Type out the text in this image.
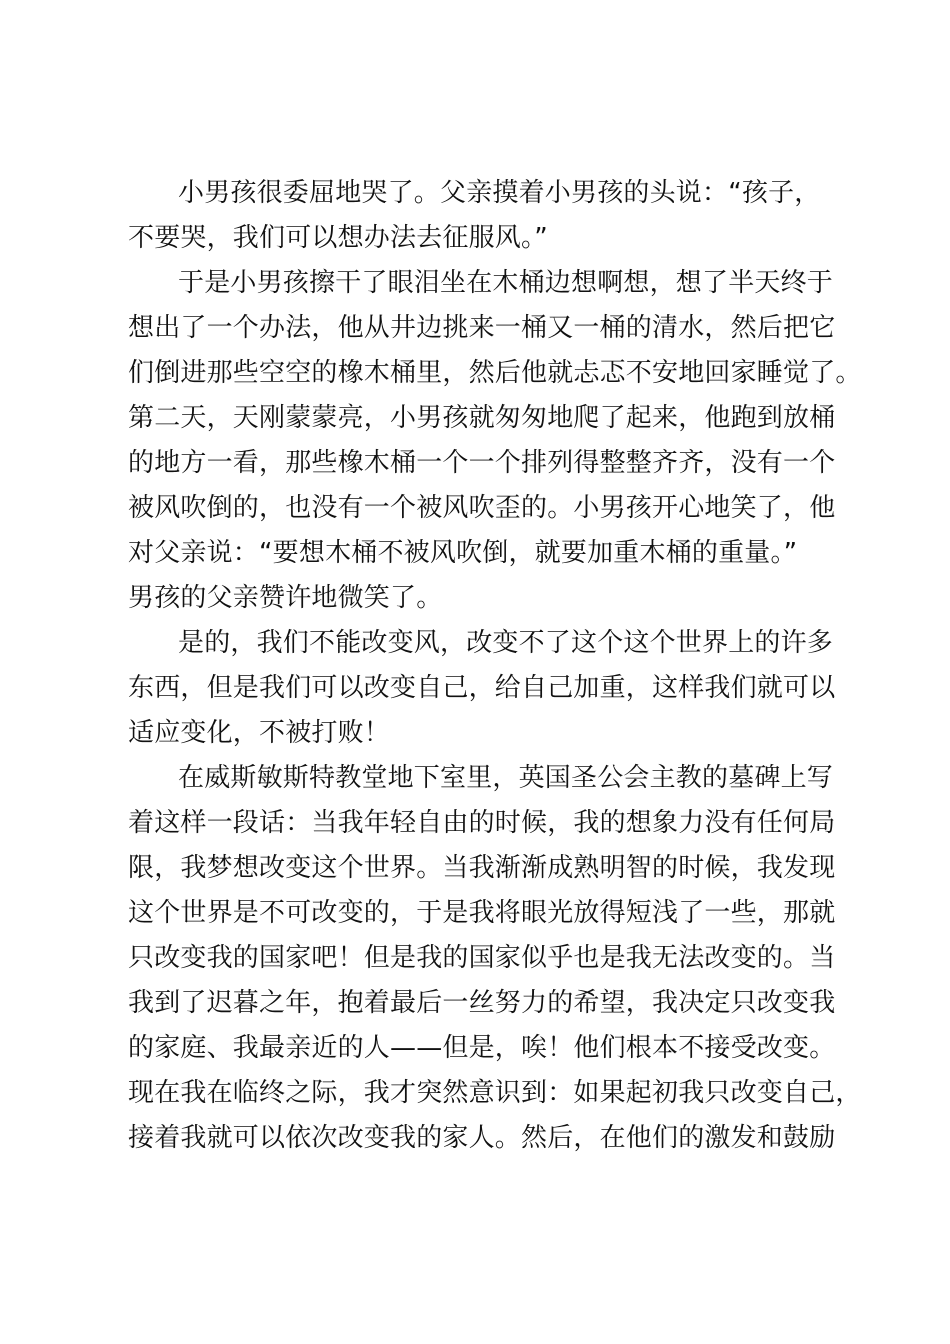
小男孩很委屈地哭了。父亲摸着小男孩的头说：“孩子，
不要哭，我们可以想办法去征服风。”
于是小男孩擦干了眼泪坐在木桶边想啊想，想了半天终于
想出了一个办法，他从井边挑来一桶又一桶的清水，然后把它
们倒进那些空空的橡木桶里，然后他就忐忑不安地回家睡觉了。
第二天，天刚蒙蒙亮，小男孩就匆匆地爬了起来，他跑到放桶
的地方一看，那些橡木桶一个一个排列得整整齐齐，没有一个
被风吹倒的，也没有一个被风吹歪的。小男孩开心地笑了，他
对父亲说：“要想木桶不被风吹倒，就要加重木桶的重量。”
男孩的父亲赞许地微笑了。
是的，我们不能改变风，改变不了这个这个世界上的许多
东西，但是我们可以改变自己，给自己加重，这样我们就可以
适应变化，不被打败！
在威斯敏斯特教堂地下室里，英国圣公会主教的墓碑上写
着这样一段话：当我年轻自由的时候，我的想象力没有任何局
限，我梦想改变这个世界。当我渐渐成熟明智的时候，我发现
这个世界是不可改变的，于是我将眼光放得短浅了一些，那就
只改变我的国家吧！但是我的国家似乎也是我无法改变的。当
我到了迟暮之年，抱着最后一丝努力的希望，我决定只改变我
的家庭、我最亲近的人——但是，唉！他们根本不接受改变。
现在我在临终之际，我才突然意识到：如果起初我只改变自己，
接着我就可以依次改变我的家人。然后，在他们的激发和鼓励
